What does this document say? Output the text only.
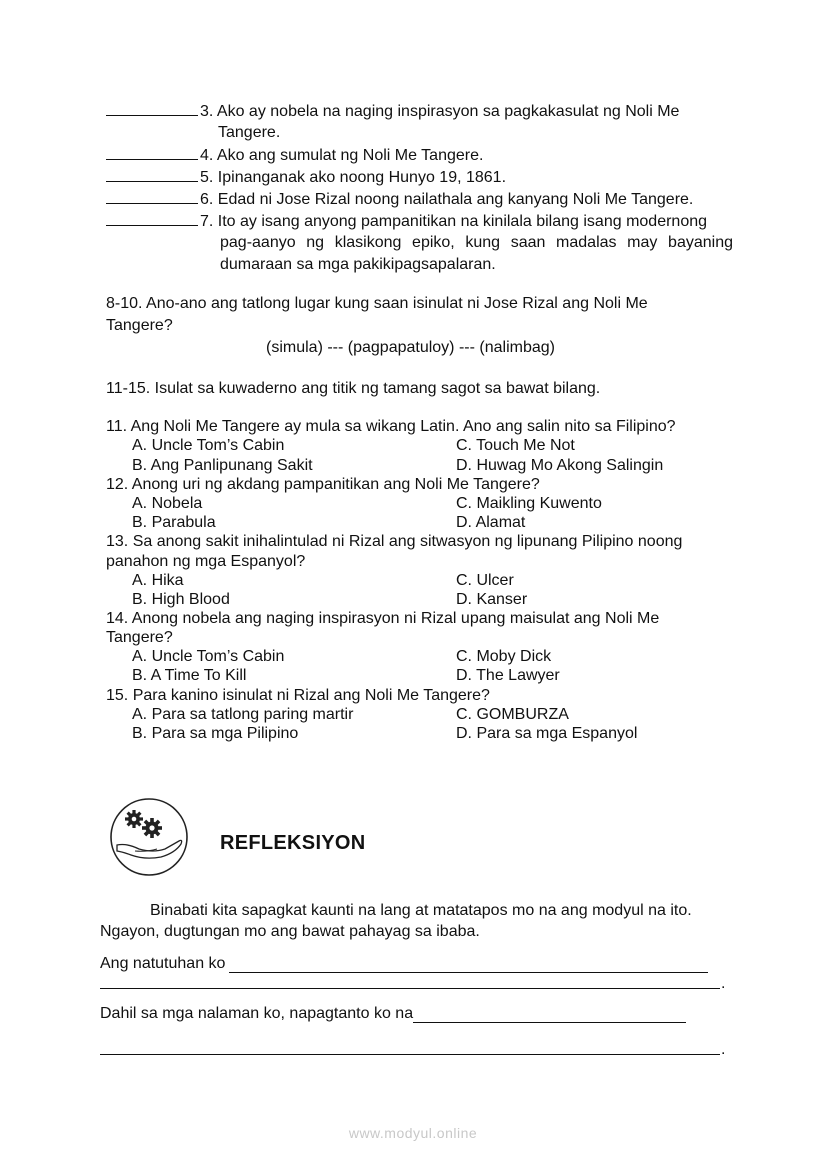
3. Ako ay nobela na naging inspirasyon sa pagkakasulat ng Noli Me
Tangere.
4. Ako ang sumulat ng Noli Me Tangere.
5. Ipinanganak ako noong Hunyo 19, 1861.
6. Edad ni Jose Rizal noong nailathala ang kanyang Noli Me Tangere.
7. Ito ay isang anyong pampanitikan na kinilala bilang isang modernong
pag-aanyo ng klasikong epiko, kung saan madalas may bayaning
dumaraan sa mga pakikipagsapalaran.
8-10. Ano-ano ang tatlong lugar kung saan isinulat ni Jose Rizal ang Noli Me
Tangere?
(simula) --- (pagpapatuloy) --- (nalimbag)
11-15. Isulat sa kuwaderno ang titik ng tamang sagot sa bawat bilang.
11. Ang Noli Me Tangere ay mula sa wikang Latin. Ano ang salin nito sa Filipino?
A. Uncle Tom’s Cabin	C. Touch Me Not
B. Ang Panlipunang Sakit	D. Huwag Mo Akong Salingin
12. Anong uri ng akdang pampanitikan ang Noli Me Tangere?
A. Nobela	C. Maikling Kuwento
B. Parabula	D. Alamat
13. Sa anong sakit inihalintulad ni Rizal ang sitwasyon ng lipunang Pilipino noong
panahon ng mga Espanyol?
A. Hika	C. Ulcer
B. High Blood	D. Kanser
14. Anong nobela ang naging inspirasyon ni Rizal upang maisulat ang Noli Me
Tangere?
A. Uncle Tom’s Cabin	C. Moby Dick
B. A Time To Kill	D. The Lawyer
15. Para kanino isinulat ni Rizal ang Noli Me Tangere?
A. Para sa tatlong paring martir	C. GOMBURZA
B. Para sa mga Pilipino	D. Para sa mga Espanyol
REFLEKSIYON
Binabati kita sapagkat kaunti na lang at matatapos mo na ang modyul na ito.
Ngayon, dugtungan mo ang bawat pahayag sa ibaba.
Ang natutuhan ko
.
Dahil sa mga nalaman ko, napagtanto ko na
.
www.modyul.online
